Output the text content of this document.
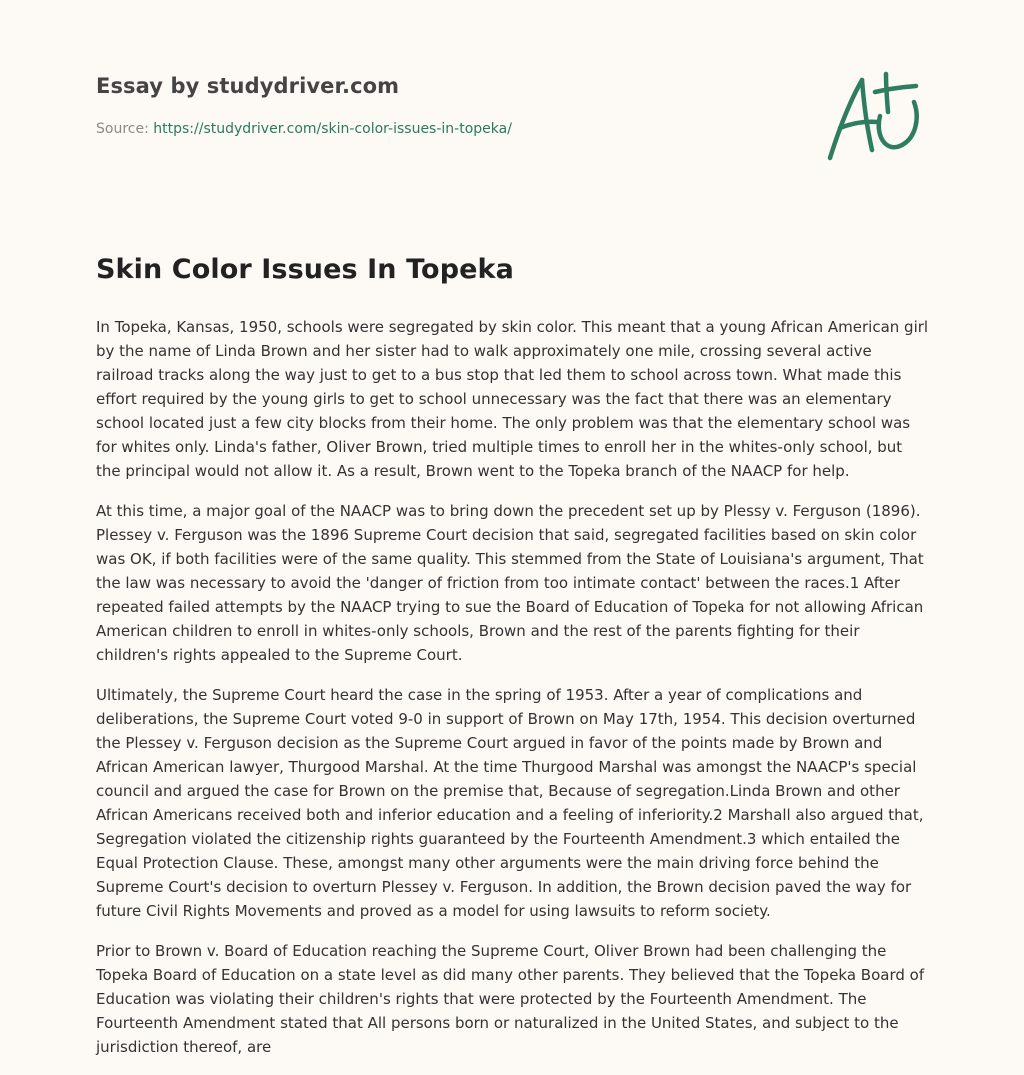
Essay by studydriver.com
Source: https://studydriver.com/skin-color-issues-in-topeka/
Skin Color Issues In Topeka

In Topeka, Kansas, 1950, schools were segregated by skin color. This meant that a young African American girl by the name of Linda Brown and her sister had to walk approximately one mile, crossing several active railroad tracks along the way just to get to a bus stop that led them to school across town. What made this effort required by the young girls to get to school unnecessary was the fact that there was an elementary school located just a few city blocks from their home. The only problem was that the elementary school was for whites only. Linda's father, Oliver Brown, tried multiple times to enroll her in the whites-only school, but the principal would not allow it. As a result, Brown went to the Topeka branch of the NAACP for help.

At this time, a major goal of the NAACP was to bring down the precedent set up by Plessy v. Ferguson (1896). Plessey v. Ferguson was the 1896 Supreme Court decision that said, segregated facilities based on skin color was OK, if both facilities were of the same quality. This stemmed from the State of Louisiana's argument, That the law was necessary to avoid the 'danger of friction from too intimate contact' between the races.1 After repeated failed attempts by the NAACP trying to sue the Board of Education of Topeka for not allowing African American children to enroll in whites-only schools, Brown and the rest of the parents fighting for their children's rights appealed to the Supreme Court.

Ultimately, the Supreme Court heard the case in the spring of 1953. After a year of complications and deliberations, the Supreme Court voted 9-0 in support of Brown on May 17th, 1954. This decision overturned the Plessey v. Ferguson decision as the Supreme Court argued in favor of the points made by Brown and African American lawyer, Thurgood Marshal. At the time Thurgood Marshal was amongst the NAACP's special council and argued the case for Brown on the premise that, Because of segregation.Linda Brown and other African Americans received both and inferior education and a feeling of inferiority.2 Marshall also argued that, Segregation violated the citizenship rights guaranteed by the Fourteenth Amendment.3 which entailed the Equal Protection Clause. These, amongst many other arguments were the main driving force behind the Supreme Court's decision to overturn Plessey v. Ferguson. In addition, the Brown decision paved the way for future Civil Rights Movements and proved as a model for using lawsuits to reform society.

Prior to Brown v. Board of Education reaching the Supreme Court, Oliver Brown had been challenging the Topeka Board of Education on a state level as did many other parents. They believed that the Topeka Board of Education was violating their children's rights that were protected by the Fourteenth Amendment. The Fourteenth Amendment stated that All persons born or naturalized in the United States, and subject to the jurisdiction thereof, are
